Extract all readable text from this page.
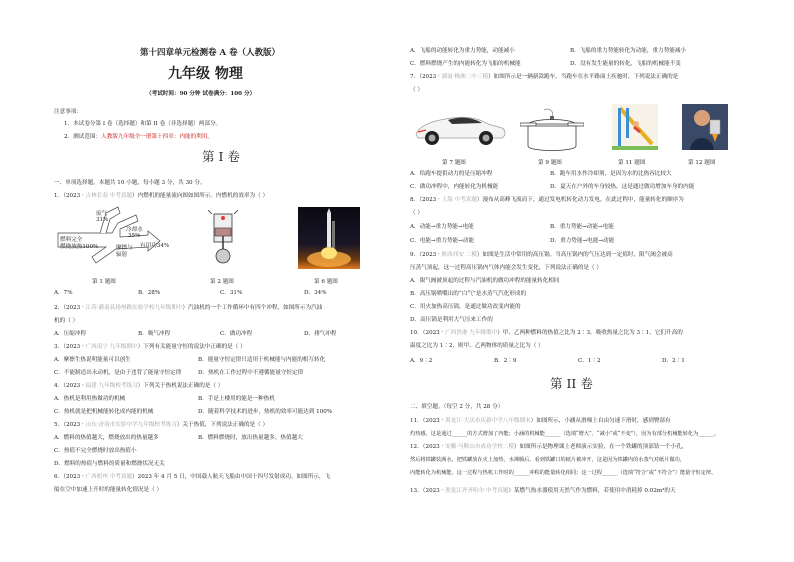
第十四章单元检测卷 A 卷（人教版）
九年级 物理
（考试时间：90 分钟 试卷满分：100 分）
注意事项：
1．本试卷分第 I 卷（选择题）和第 II 卷（非选择题）两部分。
2．测试范围：人教版九年级全一册第十四章：内能的利用。
第 I 卷
一、单项选择题。本题共 10 小题，每小题 3 分，共 30 分。
1．（2023 · 吉林长春 中考真题）内燃机的能量流向图如图所示。内燃机的效率为（ ）
废气
31%
冷却水
35%
燃料完全
燃烧放热100%	摩擦与
辐射
有用功34%
第 1 题图	第 2 题图	第 6 题图
A．7%	B．28%	C．31%	D．34%
2．（2023 · 江苏·灌南县扬州路实验学校九年级期中）汽油机的一个工作循环中有四个冲程，如图所示为汽油
机的（ ）
A．压缩冲程	B．吸气冲程	C．做功冲程	D．排气冲程
3．（2023 · 广西南宁 九年级期中）下列有关能量守恒的说法中正确的是（ ）
A．摩擦生热说明能量可以创生	B．能量守恒定律只适用于机械能与内能的相互转化
C．不能制造出永动机，是由于违背了能量守恒定律	D．热机在工作过程中不遵循能量守恒定律
4．（2023 · 福建 九年级校考练习）下列关于热机说法正确的是（ ）
A．热机是利用热做功的机械	B．手是上楼用的能是一种热机
C．热机就是把机械能转化成内能的机械	D．随着科学技术的进步，热机的效率可能达到 100%
5．（2023 · 山东·济南市实验中学九年级校考练习）关于热值，下列说法正确的是（ ）
A．燃料的热值越大，燃烧放出的热量越多	B．燃料燃烧时，放出热量越多，热值越大
C．热值不完全燃烧时放出热值小
D．燃料的热值与燃料的质量和燃烧状况无关
6．（2023 · 广西梧州 中考真题）2023 年 4 月 5 日，中国载人航天飞船由中国十四号发射成功。如图所示，飞
船在空中加速上升时的能量转化情况是（ ）
A．飞船的动能转化为重力势能，动能减小	B．飞船的重力势能转化为动能，重力势能减小
C．燃料燃烧产生的内能转化为飞船的机械能	D．没有发生能量的转化，飞船的机械能不变
7．（2023 · 湖南·株洲二中三模）如图所示是一辆新款跑车，当跑车在水平路面上疾驰时，下列说法正确的是
（ ）
第 7 题图	第 9 题图	第 11 题图	第 12 题图
A．给跑车提供动力的是压缩冲程	B．跑车用水作冷却剂，是因为水的比热容比较大
C．做功冲程中，内能转化为机械能	D．夏天在户外的车身较热，这是通过做功增加车身的内能
8．（2023 · 上海 中考真题）漫布从高峰飞流而下，通过发电机转化动力发电，在此过程中，能量转化的顺序为
（ ）
A．动能→重力势能→电能	B．重力势能→动能→电能
C．电能→重力势能→动能	D．重力势能→电能→动能
9．（2023 · 陕西西安 二模）如图是生活中常用的高压锅。当高压锅内的气压达到一定值时，限气阀会被高
压蒸气顶起，这一过程高压锅内气体内能会发生变化，下列说法正确的是（ ）
A．限气阀被顶起的过程与汽油机的做功冲程的能量转化相同
B．高压锅喷嘴出的“白气”是水蒸气汽化形成的
C．用火加热高压锅，是通过做功改变内能的
D．高压锅是利用大气压来工作的
10．（2023 · 广西贵港 九年级期中）甲、乙两种燃料的热值之比为 2∶3，吸收热量之比为 3∶1，它们升高的
温度之比为 1∶2，则甲、乙两物体的质量之比为（ ）
A．9∶2	B．2∶9	C．1∶2	D．2∶1
第 II 卷
二、填空题。（每空 2 分，共 28 分）
11．（2023 · 黑龙江·大庆市庆新中学八年级期末）如图所示，小涵从滑梯上自由匀速下滑时，感到臀部有
灼热感，这是通过______的方式增加了内能；小涵的机械能______（选填“增大”、“减小”或“不变”），因为有部分机械能转化为______。
12．（2023 · 安徽·马鞍山市成功学校二模）如图所示是物理课上老师演示实验，在一个铁罐的顶部钻一个小孔，
然后将铁罐装满水，把铁罐放在火上加热，水沸腾后，看到铁罐口的纸片被冲开，这是因为铁罐内的水蒸气对纸片做功，
内能转化为机械能，这一过程与热机工作时的______冲程的能量转化相同；这一过程______（选填“符合”或“不符合”）能量守恒定律。
13．（2023 · 黑龙江齐齐哈尔 中考真题）某燃气热水器使用天然气作为燃料，若使用中消耗掉 0.02m³的天
